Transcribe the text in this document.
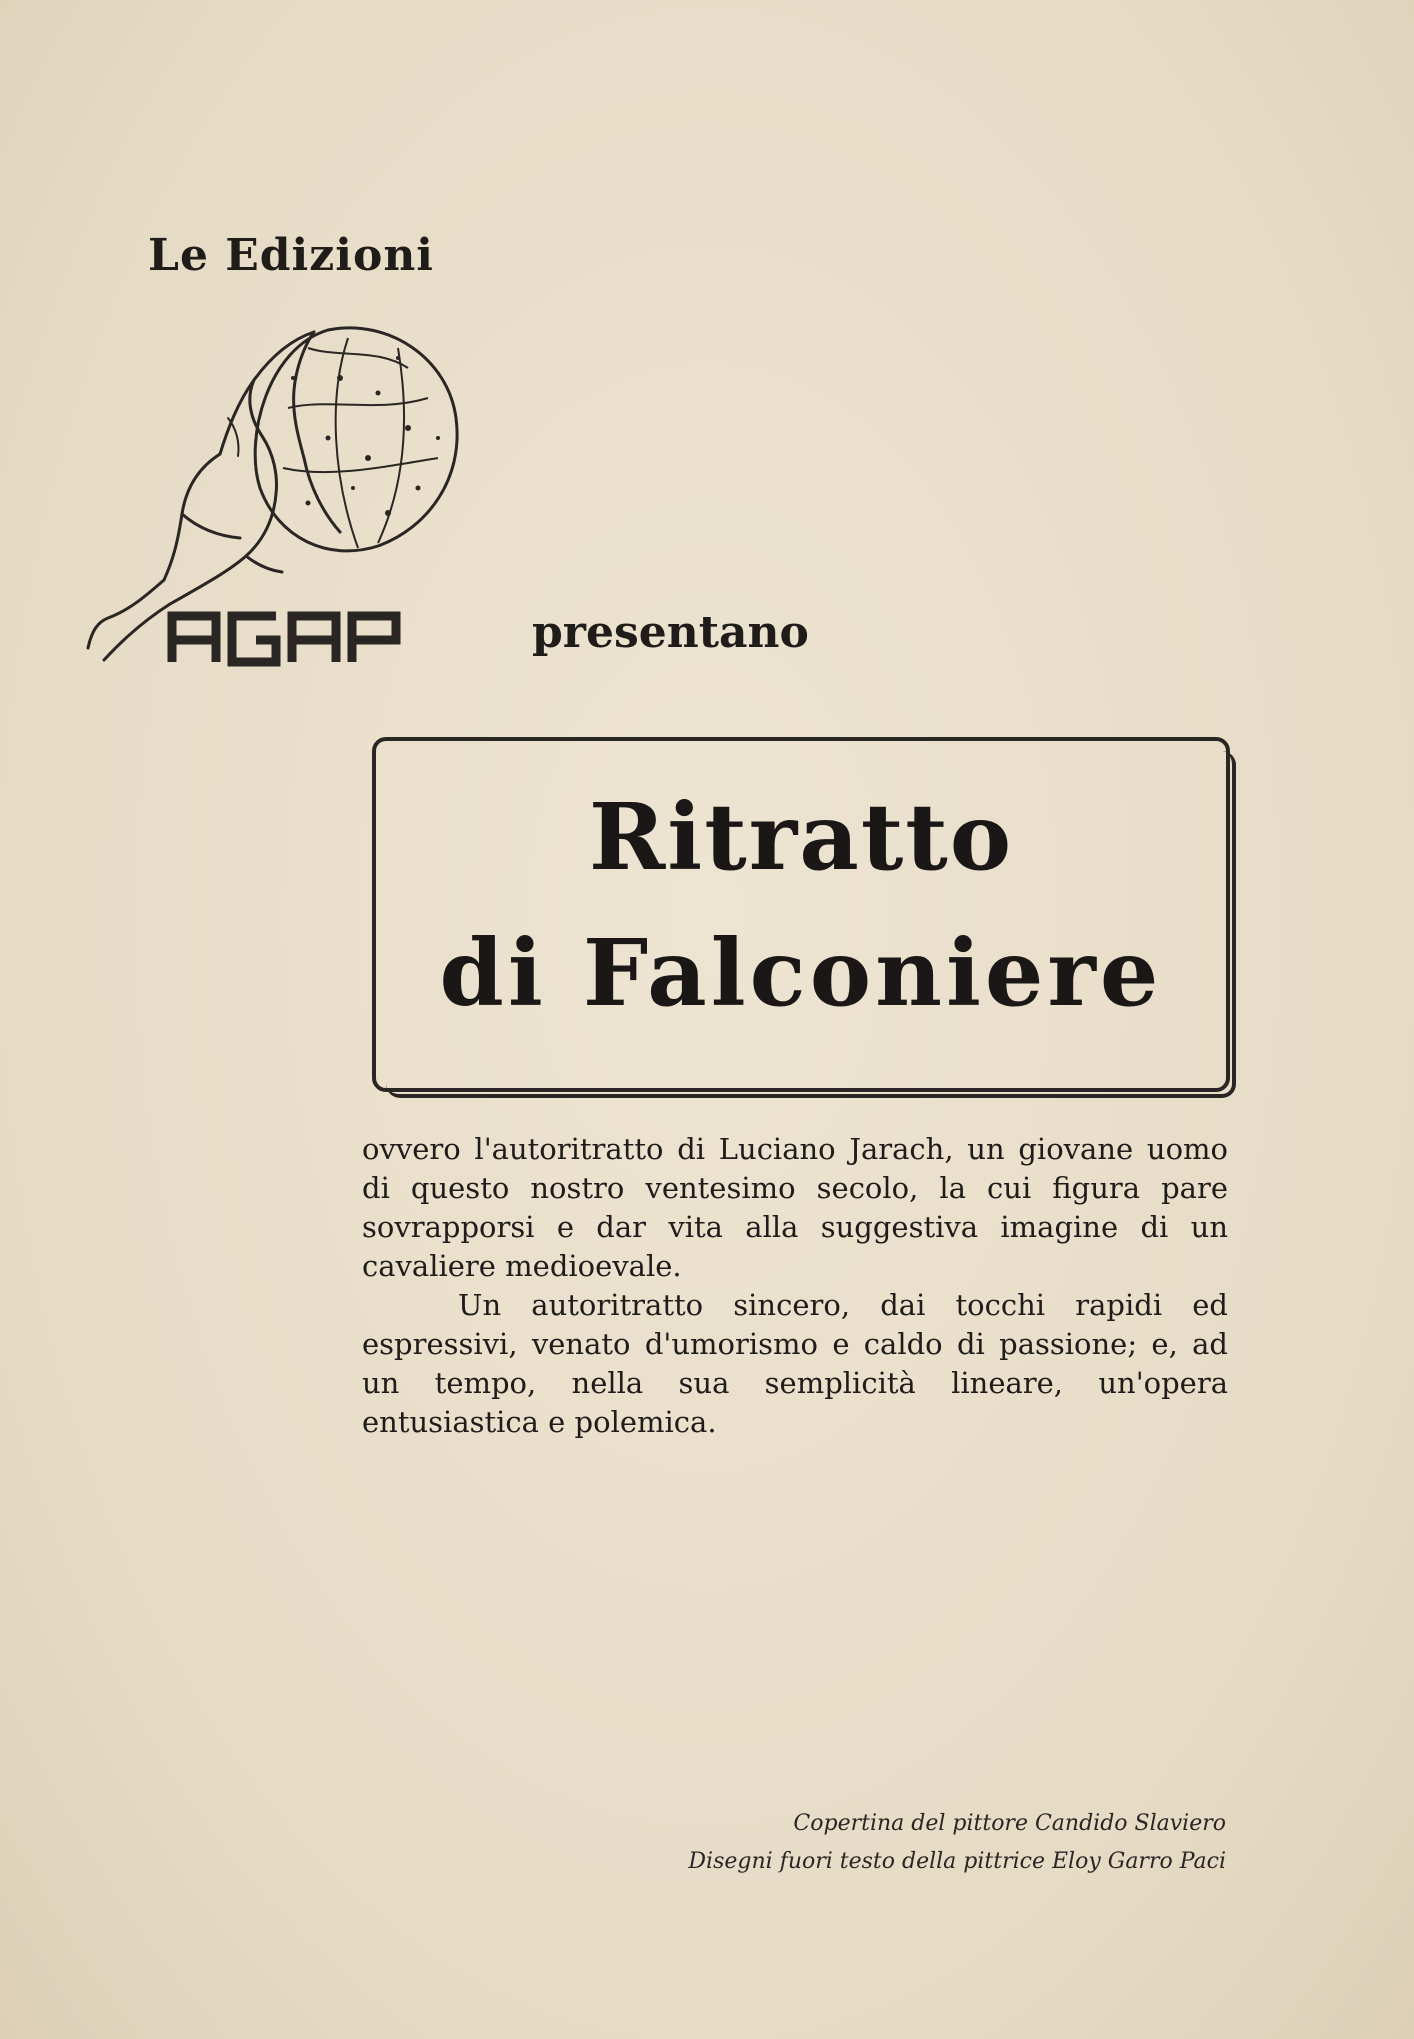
Le Edizioni
presentano
Ritratto
di Falconiere

ovvero l'autoritratto di Luciano Jarach, un giovane uomo di questo nostro ventesimo secolo, la cui figura pare sovrapporsi e dar vita alla suggestiva imagine di un cavaliere medioevale.

Un autoritratto sincero, dai tocchi rapidi ed espressivi, venato d'umorismo e caldo di passione; e, ad un tempo, nella sua semplicità lineare, un'opera entusiastica e polemica.

Copertina del pittore Candido Slaviero
Disegni fuori testo della pittrice Eloy Garro Paci
